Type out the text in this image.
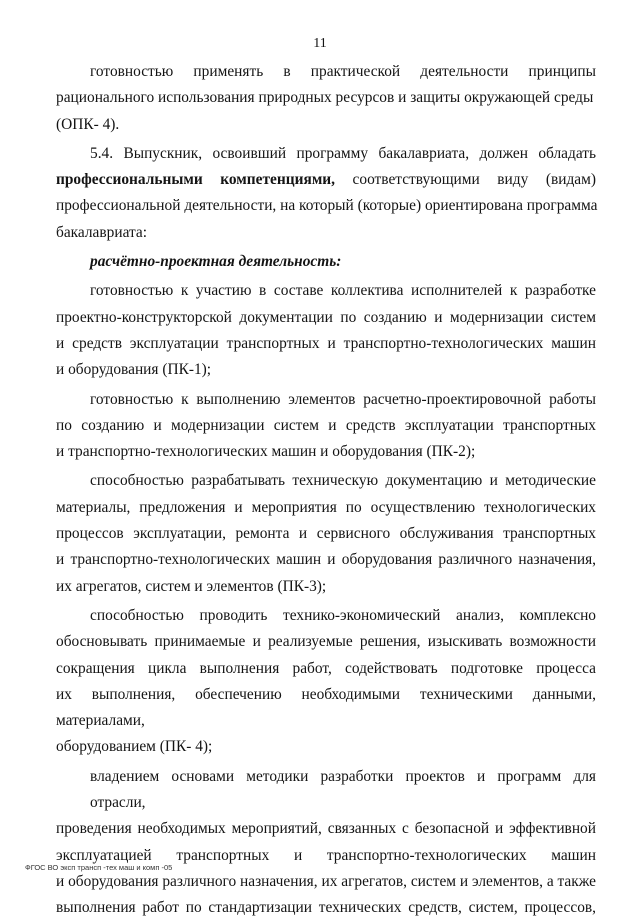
11
готовностью применять в практической деятельности принципы
рационального использования природных ресурсов и защиты окружающей среды
(ОПК- 4).
5.4. Выпускник, освоивший программу бакалавриата, должен обладать
профессиональными компетенциями, соответствующими виду (видам)
профессиональной деятельности, на который (которые) ориентирована программа
бакалавриата:
расчётно-проектная деятельность:
готовностью к участию в составе коллектива исполнителей к разработке
проектно-конструкторской документации по созданию и модернизации систем
и средств эксплуатации транспортных и транспортно-технологических машин
и оборудования (ПК-1);
готовностью к выполнению элементов расчетно-проектировочной работы
по созданию и модернизации систем и средств эксплуатации транспортных
и транспортно-технологических машин и оборудования (ПК-2);
способностью разрабатывать техническую документацию и методические
материалы, предложения и мероприятия по осуществлению технологических
процессов эксплуатации, ремонта и сервисного обслуживания транспортных
и транспортно-технологических машин и оборудования различного назначения,
их агрегатов, систем и элементов (ПК-3);
способностью проводить технико-экономический анализ, комплексно
обосновывать принимаемые и реализуемые решения, изыскивать возможности
сокращения цикла выполнения работ, содействовать подготовке процесса
их выполнения, обеспечению необходимыми техническими данными, материалами,
оборудованием (ПК- 4);
владением основами методики разработки проектов и программ для отрасли,
проведения необходимых мероприятий, связанных с безопасной и эффективной
эксплуатацией транспортных и транспортно-технологических машин
и оборудования различного назначения, их агрегатов, систем и элементов, а также
выполнения работ по стандартизации технических средств, систем, процессов,
ФГОС ВО эксп трансп -тех маш и комп -05
